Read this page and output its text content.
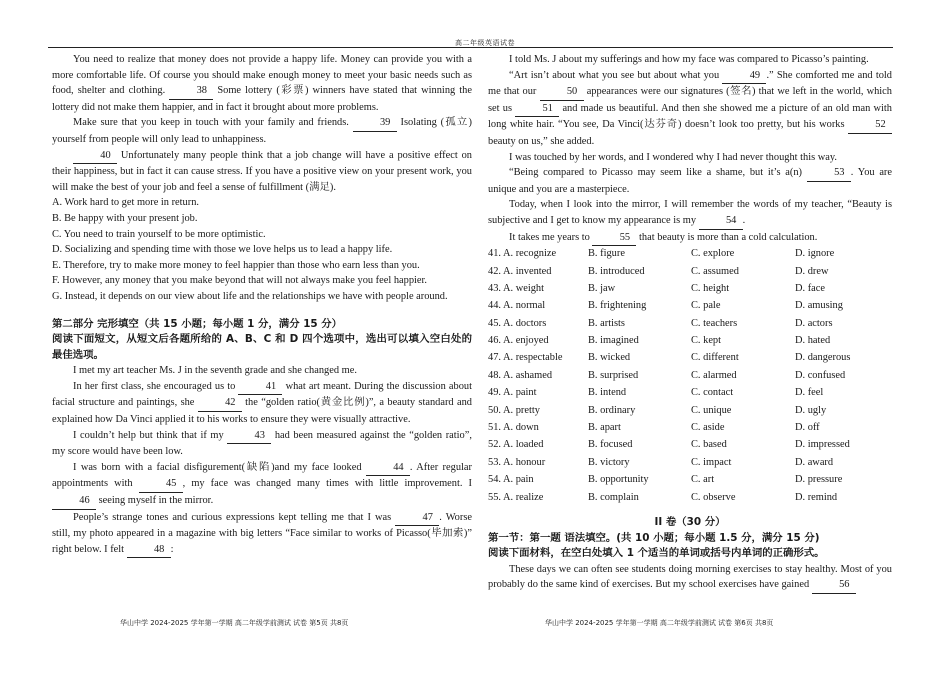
高二年级英语试卷

You need to realize that money does not provide a happy life. Money can provide you with a more comfortable life. Of course you should make enough money to meet your basic needs such as food, shelter and clothing.	38 Some lottery (彩票) winners have stated that winning the lottery did not make them happier, and in fact it brought about more problems.

Make sure that you keep in touch with your family and friends.	39 Isolating (孤立) yourself from people will only lead to unhappiness.

40 Unfortunately many people think that a job change will have a positive effect on their happiness, but in fact it can cause stress. If you have a positive view on your present work, you will make the best of your job and feel a sense of fulfillment (满足).

A. Work hard to get more in return.

B. Be happy with your present job.

C. You need to train yourself to be more optimistic.

D. Socializing and spending time with those we love helps us to lead a happy life.

E. Therefore, try to make more money to feel happier than those who earn less than you.

F. However, any money that you make beyond that will not always make you feel happier.

G. Instead, it depends on our view about life and the relationships we have with people around.

第二部分 完形填空（共 15 小题；每小题 1 分，满分 15 分）

阅读下面短文，从短文后各题所给的 A、B、C 和 D 四个选项中，选出可以填入空白处的最佳选项。

I met my art teacher Ms. J in the seventh grade and she changed me.

In her first class, she encouraged us to	41 what art meant. During the discussion about facial structure and paintings, she	42 the “golden ratio(黄金比例)”, a beauty standard and explained how Da Vinci applied it to his works to ensure they were visually attractive.

I couldn’t help but think that if my	43 had been measured against the “golden ratio”, my score would have been low.

I was born with a facial disfigurement(缺陷)and my face looked	44 . After regular appointments with	45 , my face was changed many times with little improvement. I 46 seeing myself in the mirror.

People’s strange tones and curious expressions kept telling me that I was	47 . Worse still, my photo appeared in a magazine with big letters “Face similar to works of Picasso(毕加索)” right below. I felt	48 :

华山中学 2024-2025 学年第一学期 高二年级学前测试 试卷 第5页 共8页

I told Ms. J about my sufferings and how my face was compared to Picasso’s painting.

“Art isn’t about what you see but about what you	49 .” She comforted me and told me that our	50 appearances were our signatures (签名) that we left in the world, which set us	51 and made us beautiful. And then she showed me a picture of an old man with long white hair. “You see, Da Vinci(达芬奇) doesn’t look too pretty, but his works	52 beauty on us,” she added.

I was touched by her words, and I wondered why I had never thought this way.

“Being compared to Picasso may seem like a shame, but it’s a(n)	53 . You are unique and you are a masterpiece.

Today, when I look into the mirror, I will remember the words of my teacher, “Beauty is subjective and I get to know my appearance is my	54 .

It takes me years to	55 that beauty is more than a cold calculation.

41. A. recognize	B. figure	C. explore	D. ignore
42. A. invented	B. introduced	C. assumed	D. drew
43. A. weight	B. jaw	C. height	D. face
44. A. normal	B. frightening	C. pale	D. amusing
45. A. doctors	B. artists	C. teachers	D. actors
46. A. enjoyed	B. imagined	C. kept	D. hated
47. A. respectable	B. wicked	C. different	D. dangerous
48. A. ashamed	B. surprised	C. alarmed	D. confused
49. A. paint	B. intend	C. contact	D. feel
50. A. pretty	B. ordinary	C. unique	D. ugly
51. A. down	B. apart	C. aside	D. off
52. A. loaded	B. focused	C. based	D. impressed
53. A. honour	B. victory	C. impact	D. award
54. A. pain	B. opportunity	C. art	D. pressure
55. A. realize	B. complain	C. observe	D. remind

II 卷（30 分）

第一节：第一题 语法填空。(共 10 小题；每小题 1.5 分，满分 15 分)

阅读下面材料，在空白处填入 1 个适当的单词或括号内单词的正确形式。

These days we can often see students doing morning exercises to stay healthy. Most of you probably do the same kind of exercises. But my school exercises have gained	56

华山中学 2024-2025 学年第一学期 高二年级学前测试 试卷 第6页 共8页
